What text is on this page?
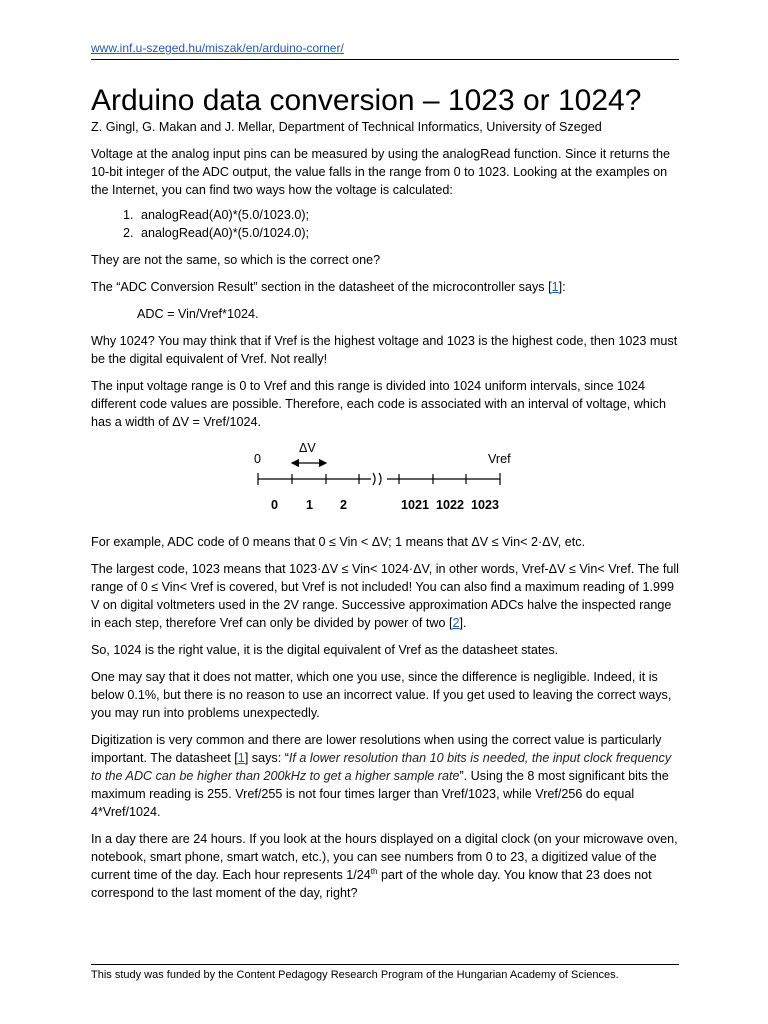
www.inf.u-szeged.hu/miszak/en/arduino-corner/
Arduino data conversion – 1023 or 1024?
Z. Gingl, G. Makan and J. Mellar, Department of Technical Informatics, University of Szeged

Voltage at the analog input pins can be measured by using the analogRead function. Since it returns the 10-bit integer of the ADC output, the value falls in the range from 0 to 1023. Looking at the examples on the Internet, you can find two ways how the voltage is calculated:

1. analogRead(A0)*(5.0/1023.0);
2. analogRead(A0)*(5.0/1024.0);

They are not the same, so which is the correct one?

The “ADC Conversion Result” section in the datasheet of the microcontroller says [1]:

ADC = Vin/Vref*1024.

Why 1024? You may think that if Vref is the highest voltage and 1023 is the highest code, then 1023 must be the digital equivalent of Vref. Not really!

The input voltage range is 0 to Vref and this range is divided into 1024 uniform intervals, since 1024 different code values are possible. Therefore, each code is associated with an interval of voltage, which has a width of ΔV = Vref/1024.

0
ΔV
Vref
0 1 2	1021 1022 1023

For example, ADC code of 0 means that 0 ≤ Vin < ΔV; 1 means that ΔV ≤ Vin< 2·ΔV, etc.

The largest code, 1023 means that 1023·ΔV ≤ Vin< 1024·ΔV, in other words, Vref-ΔV ≤ Vin< Vref. The full range of 0 ≤ Vin< Vref is covered, but Vref is not included! You can also find a maximum reading of 1.999 V on digital voltmeters used in the 2V range. Successive approximation ADCs halve the inspected range in each step, therefore Vref can only be divided by power of two [2].

So, 1024 is the right value, it is the digital equivalent of Vref as the datasheet states.

One may say that it does not matter, which one you use, since the difference is negligible. Indeed, it is below 0.1%, but there is no reason to use an incorrect value. If you get used to leaving the correct ways, you may run into problems unexpectedly.

Digitization is very common and there are lower resolutions when using the correct value is particularly important. The datasheet [1] says: “If a lower resolution than 10 bits is needed, the input clock frequency to the ADC can be higher than 200kHz to get a higher sample rate”. Using the 8 most significant bits the maximum reading is 255. Vref/255 is not four times larger than Vref/1023, while Vref/256 do equal 4*Vref/1024.

In a day there are 24 hours. If you look at the hours displayed on a digital clock (on your microwave oven, notebook, smart phone, smart watch, etc.), you can see numbers from 0 to 23, a digitized value of the current time of the day. Each hour represents 1/24th part of the whole day. You know that 23 does not correspond to the last moment of the day, right?

This study was funded by the Content Pedagogy Research Program of the Hungarian Academy of Sciences.
